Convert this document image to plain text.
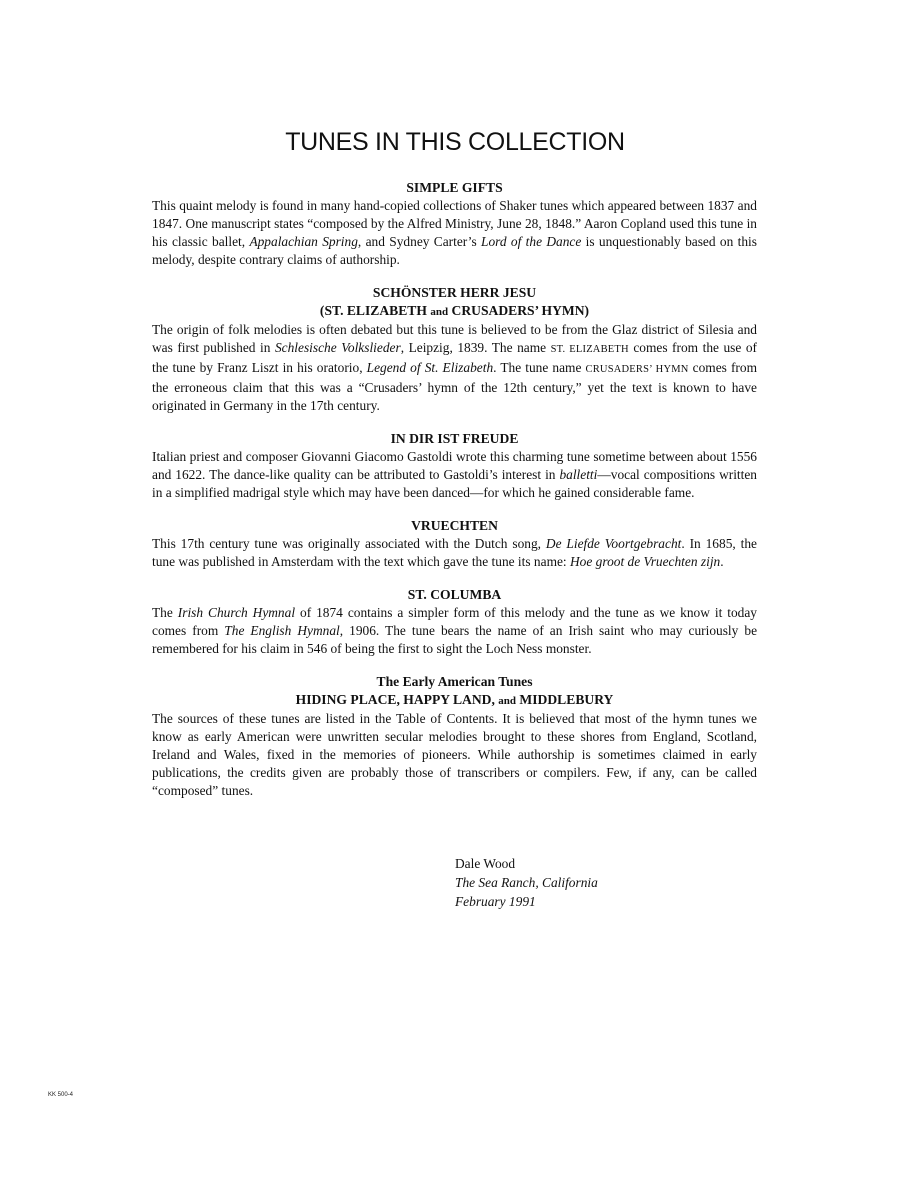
TUNES IN THIS COLLECTION
SIMPLE GIFTS

This quaint melody is found in many hand-copied collections of Shaker tunes which appeared between 1837 and 1847. One manuscript states “composed by the Alfred Ministry, June 28, 1848.” Aaron Copland used this tune in his classic ballet, Appalachian Spring, and Sydney Carter’s Lord of the Dance is unquestionably based on this melody, despite contrary claims of authorship.

SCHÖNSTER HERR JESU
(ST. ELIZABETH and CRUSADERS’ HYMN)

The origin of folk melodies is often debated but this tune is believed to be from the Glaz district of Silesia and was first published in Schlesische Volkslieder, Leipzig, 1839. The name ST. ELIZABETH comes from the use of the tune by Franz Liszt in his oratorio, Legend of St. Elizabeth. The tune name CRUSADERS’ HYMN comes from the erroneous claim that this was a “Crusaders’ hymn of the 12th century,” yet the text is known to have originated in Germany in the 17th century.

IN DIR IST FREUDE

Italian priest and composer Giovanni Giacomo Gastoldi wrote this charming tune sometime between about 1556 and 1622. The dance-like quality can be attributed to Gastoldi’s interest in balletti—vocal compositions written in a simplified madrigal style which may have been danced—for which he gained considerable fame.

VRUECHTEN

This 17th century tune was originally associated with the Dutch song, De Liefde Voortgebracht. In 1685, the tune was published in Amsterdam with the text which gave the tune its name: Hoe groot de Vruechten zijn.

ST. COLUMBA

The Irish Church Hymnal of 1874 contains a simpler form of this melody and the tune as we know it today comes from The English Hymnal, 1906. The tune bears the name of an Irish saint who may curiously be remembered for his claim in 546 of being the first to sight the Loch Ness monster.

The Early American Tunes
HIDING PLACE, HAPPY LAND, and MIDDLEBURY

The sources of these tunes are listed in the Table of Contents. It is believed that most of the hymn tunes we know as early American were unwritten secular melodies brought to these shores from England, Scotland, Ireland and Wales, fixed in the memories of pioneers. While authorship is sometimes claimed in early publications, the credits given are probably those of transcribers or compilers. Few, if any, can be called “composed” tunes.

Dale Wood
The Sea Ranch, California
February 1991
KK 500-4
